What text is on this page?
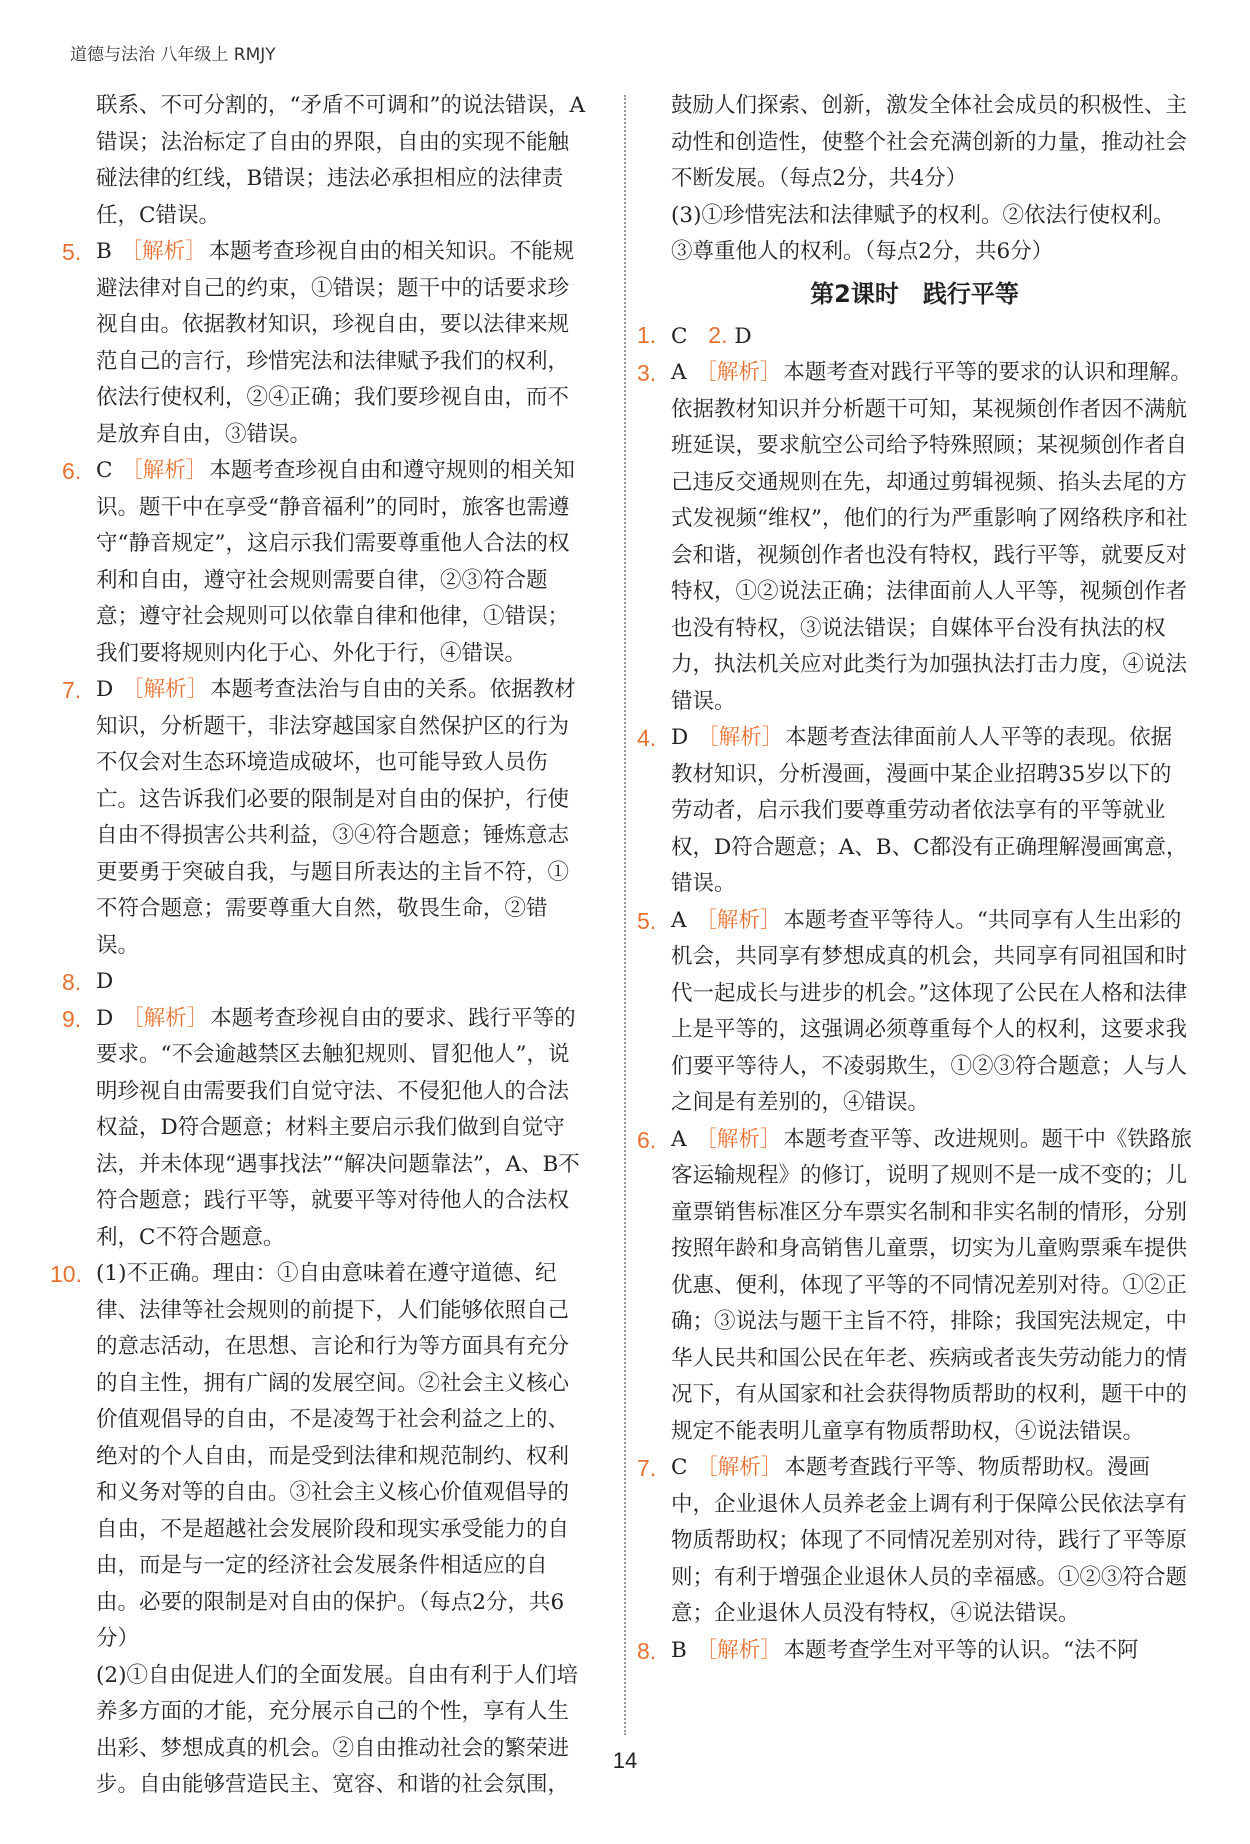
道德与法治 八年级上 RMJY
联系、不可分割的，“矛盾不可调和”的说法错误，A错误；法治标定了自由的界限，自由的实现不能触碰法律的红线，B错误；违法必承担相应的法律责任，C错误。
5. B ［解析］本题考查珍视自由的相关知识。不能规避法律对自己的约束，①错误；题干中的话要求珍视自由。依据教材知识，珍视自由，要以法律来规范自己的言行，珍惜宪法和法律赋予我们的权利，依法行使权利，②④正确；我们要珍视自由，而不是放弃自由，③错误。
6. C ［解析］本题考查珍视自由和遵守规则的相关知识。题干中在享受“静音福利”的同时，旅客也需遵守“静音规定”，这启示我们需要尊重他人合法的权利和自由，遵守社会规则需要自律，②③符合题意；遵守社会规则可以依靠自律和他律，①错误；我们要将规则内化于心、外化于行，④错误。
7. D ［解析］本题考查法治与自由的关系。依据教材知识，分析题干，非法穿越国家自然保护区的行为不仅会对生态环境造成破坏，也可能导致人员伤亡。这告诉我们必要的限制是对自由的保护，行使自由不得损害公共利益，③④符合题意；锤炼意志更要勇于突破自我，与题目所表达的主旨不符，①不符合题意；需要尊重大自然，敬畏生命，②错误。
8. D
9. D ［解析］本题考查珍视自由的要求、践行平等的要求。“不会逾越禁区去触犯规则、冒犯他人”，说明珍视自由需要我们自觉守法、不侵犯他人的合法权益，D符合题意；材料主要启示我们做到自觉守法，并未体现“遇事找法”“解决问题靠法”，A、B不符合题意；践行平等，就要平等对待他人的合法权利，C不符合题意。
10. (1)不正确。理由：①自由意味着在遵守道德、纪律、法律等社会规则的前提下，人们能够依照自己的意志活动，在思想、言论和行为等方面具有充分的自主性，拥有广阔的发展空间。②社会主义核心价值观倡导的自由，不是凌驾于社会利益之上的、绝对的个人自由，而是受到法律和规范制约、权利和义务对等的自由。③社会主义核心价值观倡导的自由，不是超越社会发展阶段和现实承受能力的自由，而是与一定的经济社会发展条件相适应的自由。必要的限制是对自由的保护。（每点2分，共6分）
(2)①自由促进人们的全面发展。自由有利于人们培养多方面的才能，充分展示自己的个性，享有人生出彩、梦想成真的机会。②自由推动社会的繁荣进步。自由能够营造民主、宽容、和谐的社会氛围，
鼓励人们探索、创新，激发全体社会成员的积极性、主动性和创造性，使整个社会充满创新的力量，推动社会不断发展。（每点2分，共4分）
(3)①珍惜宪法和法律赋予的权利。②依法行使权利。③尊重他人的权利。（每点2分，共6分）
第2课时　践行平等
1. C 2. D
3. A ［解析］本题考查对践行平等的要求的认识和理解。依据教材知识并分析题干可知，某视频创作者因不满航班延误，要求航空公司给予特殊照顾；某视频创作者自己违反交通规则在先，却通过剪辑视频、掐头去尾的方式发视频“维权”，他们的行为严重影响了网络秩序和社会和谐，视频创作者也没有特权，践行平等，就要反对特权，①②说法正确；法律面前人人平等，视频创作者也没有特权，③说法错误；自媒体平台没有执法的权力，执法机关应对此类行为加强执法打击力度，④说法错误。
4. D ［解析］本题考查法律面前人人平等的表现。依据教材知识，分析漫画，漫画中某企业招聘35岁以下的劳动者，启示我们要尊重劳动者依法享有的平等就业权，D符合题意；A、B、C都没有正确理解漫画寓意，错误。
5. A ［解析］本题考查平等待人。“共同享有人生出彩的机会，共同享有梦想成真的机会，共同享有同祖国和时代一起成长与进步的机会。”这体现了公民在人格和法律上是平等的，这强调必须尊重每个人的权利，这要求我们要平等待人，不凌弱欺生，①②③符合题意；人与人之间是有差别的，④错误。
6. A ［解析］本题考查平等、改进规则。题干中《铁路旅客运输规程》的修订，说明了规则不是一成不变的；儿童票销售标准区分车票实名制和非实名制的情形，分别按照年龄和身高销售儿童票，切实为儿童购票乘车提供优惠、便利，体现了平等的不同情况差别对待。①②正确；③说法与题干主旨不符，排除；我国宪法规定，中华人民共和国公民在年老、疾病或者丧失劳动能力的情况下，有从国家和社会获得物质帮助的权利，题干中的规定不能表明儿童享有物质帮助权，④说法错误。
7. C ［解析］本题考查践行平等、物质帮助权。漫画中，企业退休人员养老金上调有利于保障公民依法享有物质帮助权；体现了不同情况差别对待，践行了平等原则；有利于增强企业退休人员的幸福感。①②③符合题意；企业退休人员没有特权，④说法错误。
8. B ［解析］本题考查学生对平等的认识。“法不阿
14
